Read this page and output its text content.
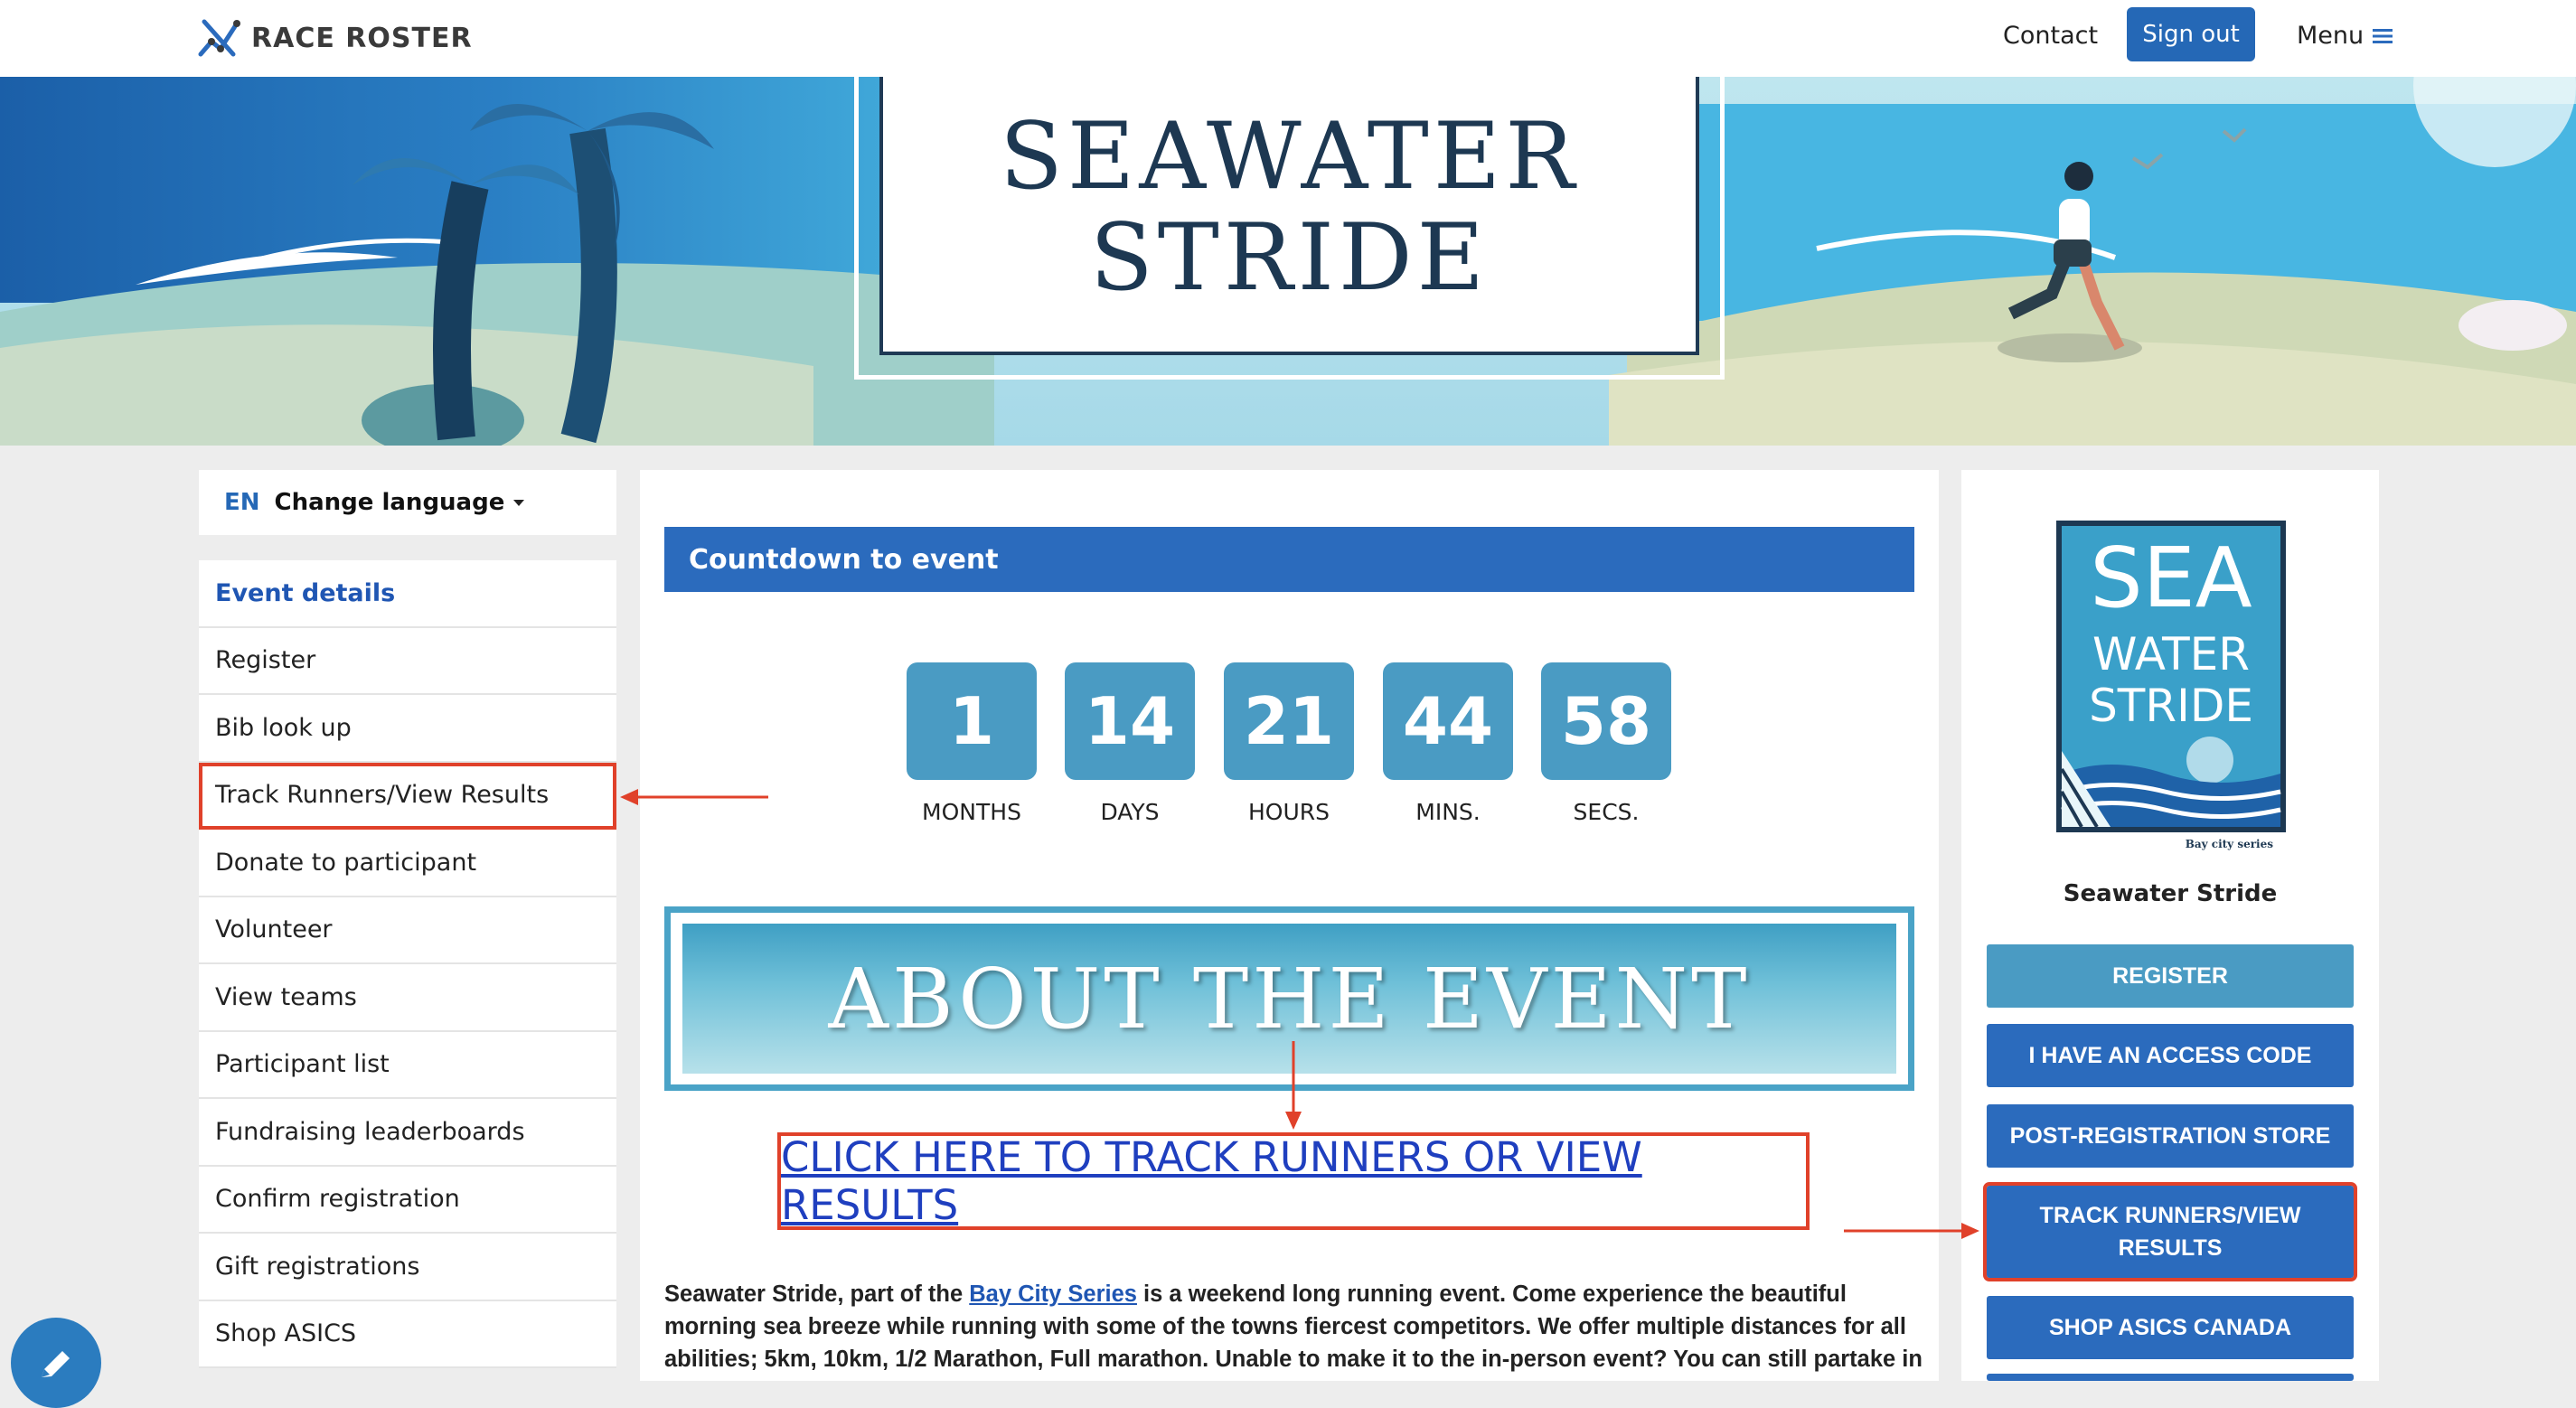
RACE ROSTER	Contact	Sign out	Menu
SEAWATER
STRIDE
EN Change language
Event details
Register
Bib look up
Track Runners/View Results
Donate to participant
Volunteer
View teams
Participant list
Fundraising leaderboards
Confirm registration
Gift registrations
Shop ASICS
Countdown to event
1	14	21	44	58
MONTHS	DAYS	HOURS	MINS.	SECS.
ABOUT THE EVENT
CLICK HERE TO TRACK RUNNERS OR VIEW RESULTS
Seawater Stride, part of the Bay City Series is a weekend long running event. Come experience the beautiful morning sea breeze while running with some of the towns fiercest competitors. We offer multiple distances for all abilities; 5km, 10km, 1/2 Marathon, Full marathon. Unable to make it to the in-person event? You can still partake in
SEA
WATER
STRIDE
Bay city series
Seawater Stride
REGISTER
I HAVE AN ACCESS CODE
POST-REGISTRATION STORE
TRACK RUNNERS/VIEW RESULTS
SHOP ASICS CANADA
